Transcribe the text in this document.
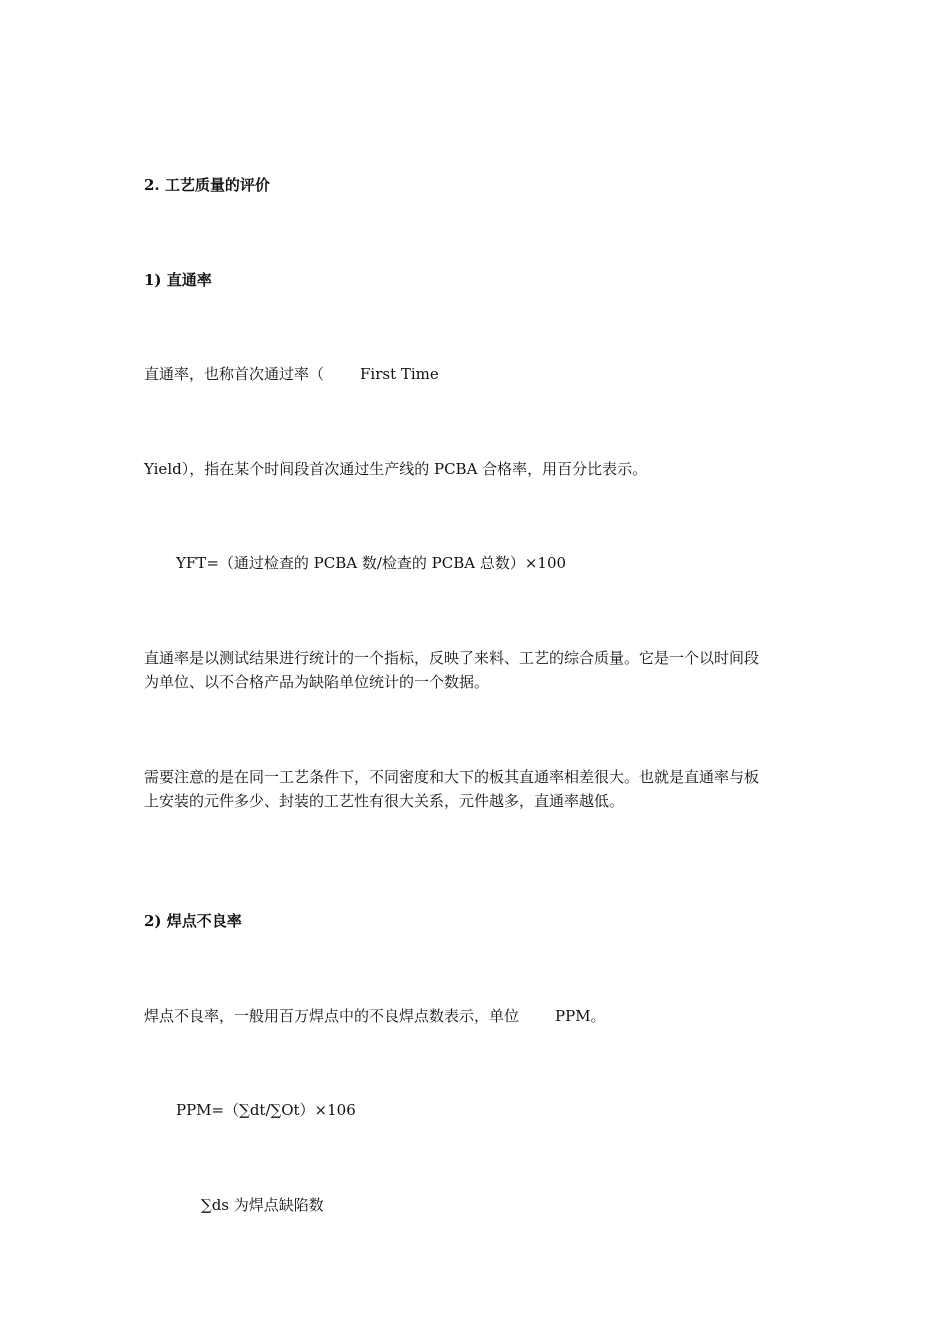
2. 工艺质量的评价
1) 直通率
直通率，也称首次通过率（ First Time
Yield），指在某个时间段首次通过生产线的 PCBA 合格率，用百分比表示。
YFT=（通过检查的 PCBA 数/检查的 PCBA 总数）×100
直通率是以测试结果进行统计的一个指标，反映了来料、工艺的综合质量。它是一个以时间段
为单位、以不合格产品为缺陷单位统计的一个数据。
需要注意的是在同一工艺条件下，不同密度和大下的板其直通率相差很大。也就是直通率与板
上安装的元件多少、封装的工艺性有很大关系，元件越多，直通率越低。
2) 焊点不良率
焊点不良率，一般用百万焊点中的不良焊点数表示，单位 PPM。
PPM=（∑dt/∑Ot）×106
∑ds 为焊点缺陷数
